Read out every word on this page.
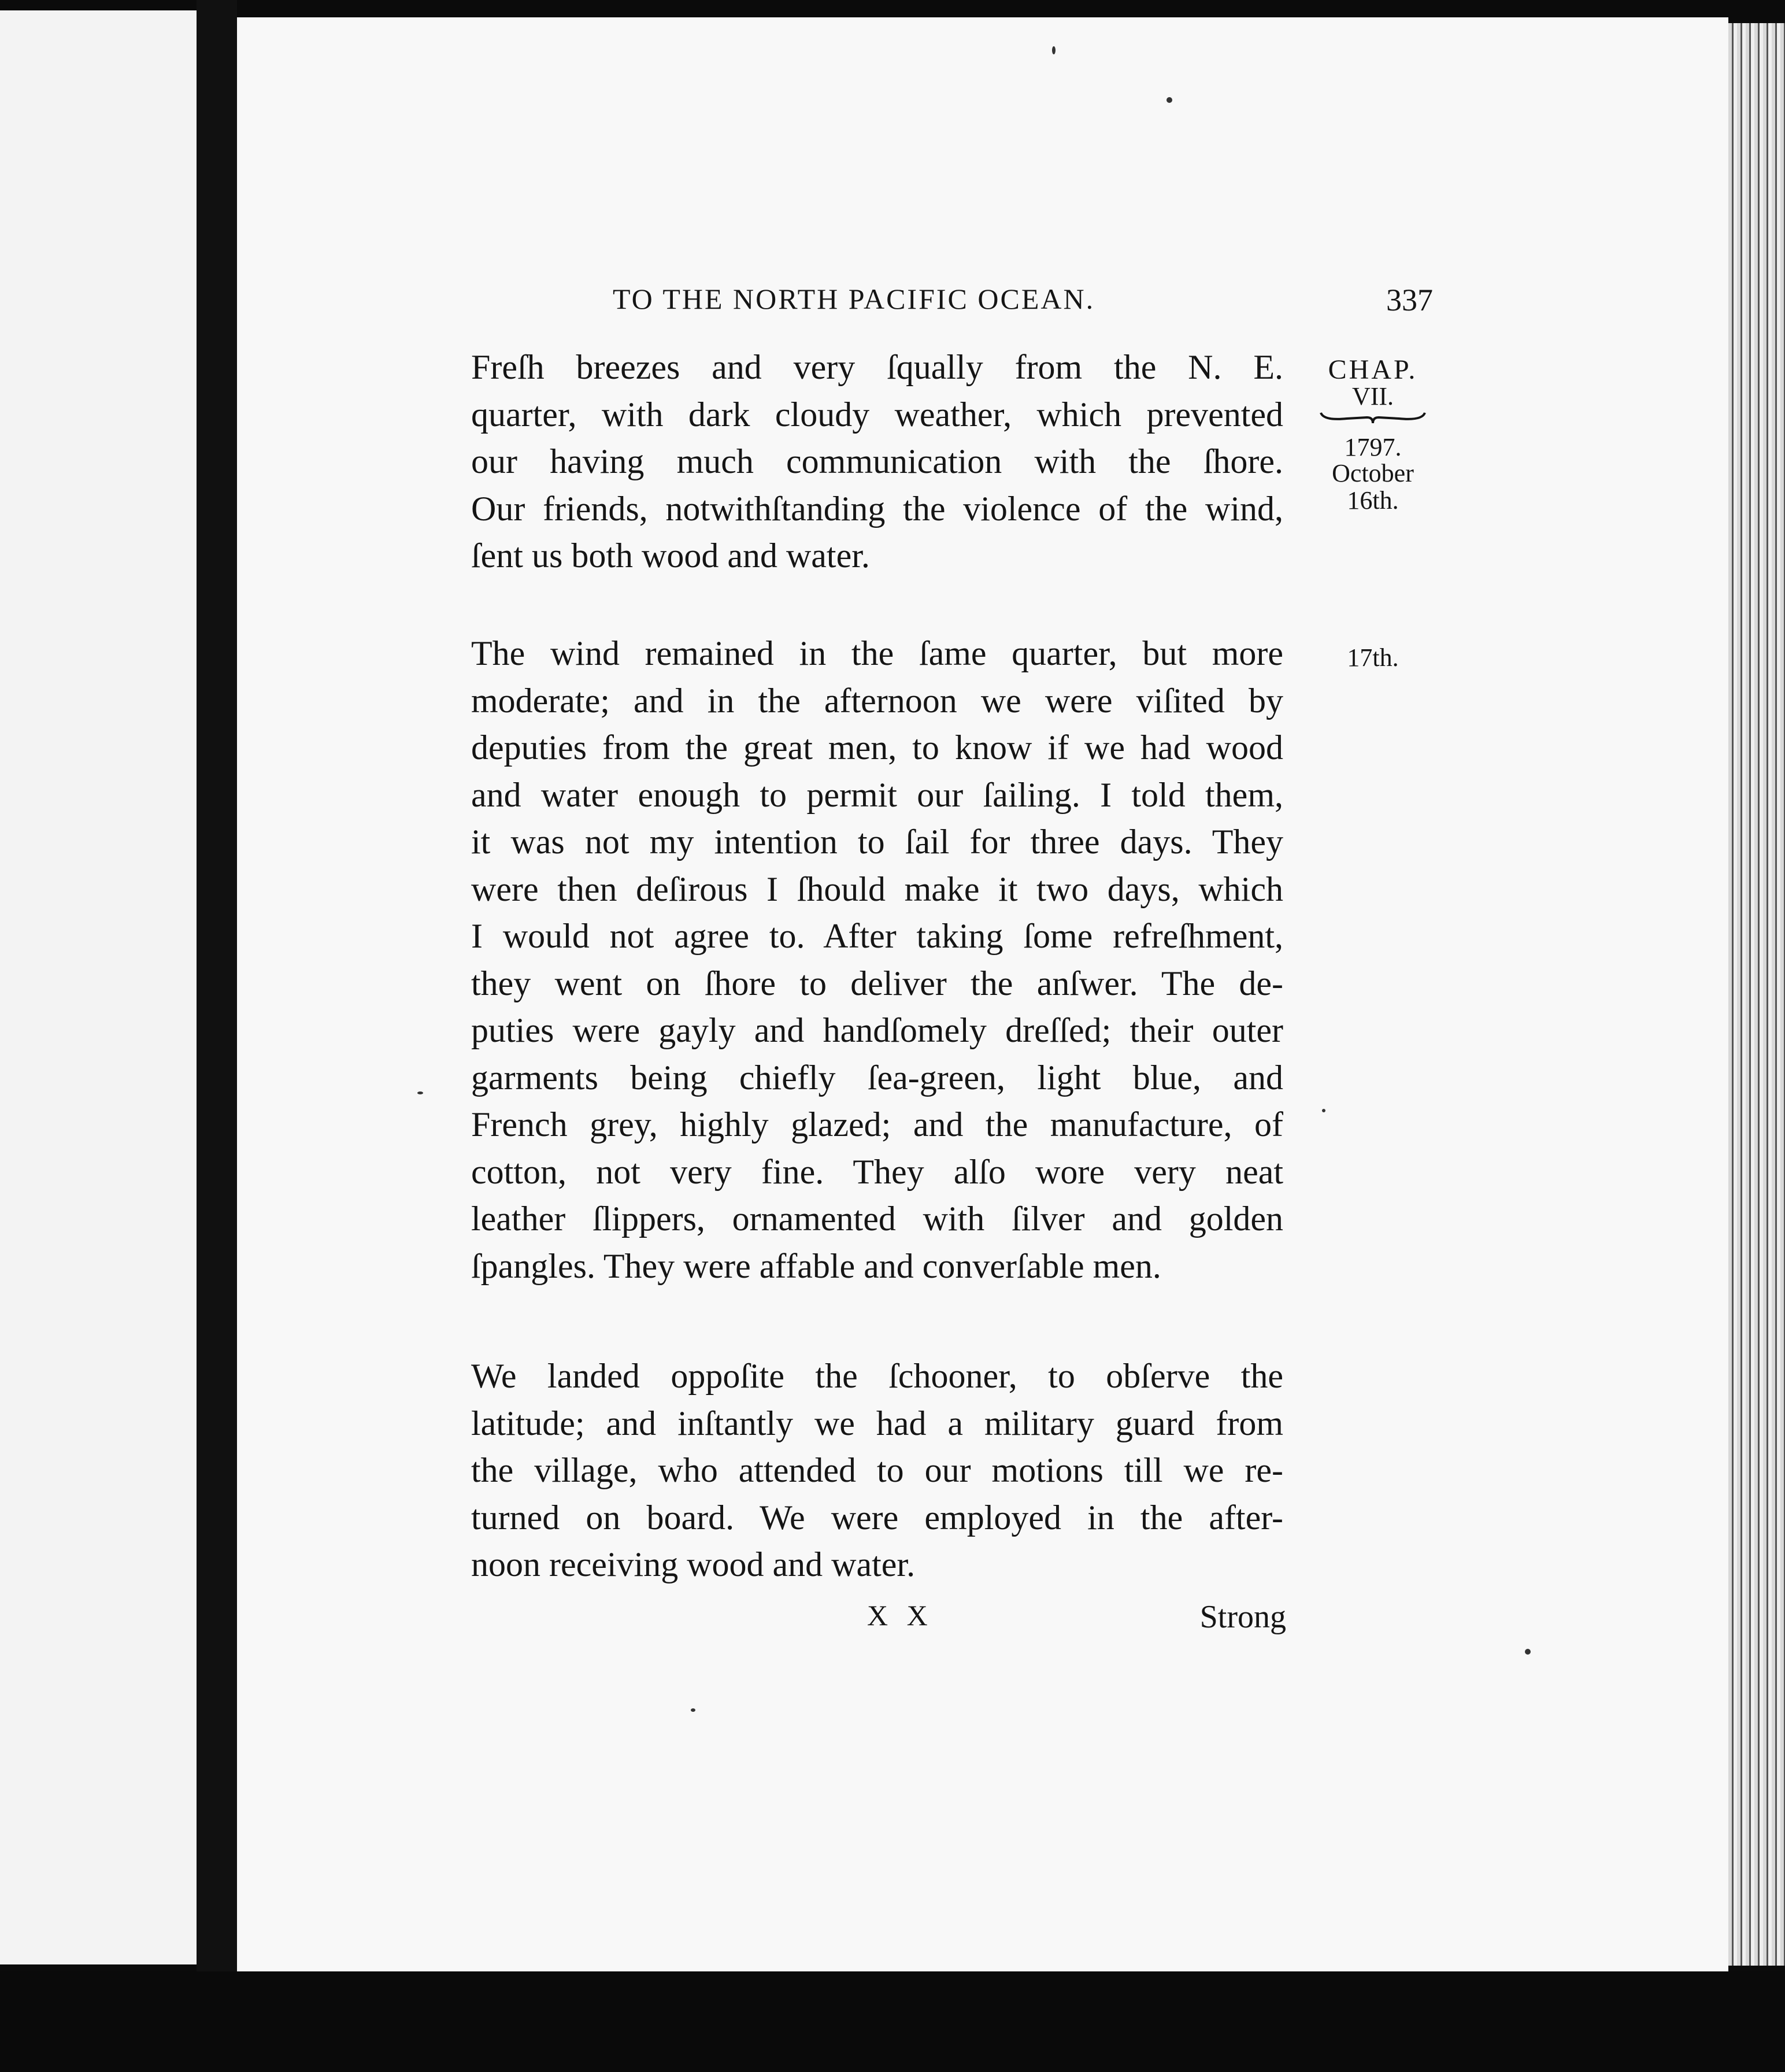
TO THE NORTH PACIFIC OCEAN.	337
Freſh breezes and very ſqually from the N. E.
quarter, with dark cloudy weather, which prevented
our having much communication with the ſhore.
Our friends, notwithſtanding the violence of the wind,
ſent us both wood and water.
The wind remained in the ſame quarter, but more
moderate; and in the afternoon we were viſited by
deputies from the great men, to know if we had wood
and water enough to permit our ſailing. I told them,
it was not my intention to ſail for three days. They
were then deſirous I ſhould make it two days, which
I would not agree to. After taking ſome refreſhment,
they went on ſhore to deliver the anſwer. The de-
puties were gayly and handſomely dreſſed; their outer
garments being chiefly ſea-green, light blue, and
French grey, highly glazed; and the manufacture, of
cotton, not very fine. They alſo wore very neat
leather ſlippers, ornamented with ſilver and golden
ſpangles. They were affable and converſable men.
We landed oppoſite the ſchooner, to obſerve the
latitude; and inſtantly we had a military guard from
the village, who attended to our motions till we re-
turned on board. We were employed in the after-
noon receiving wood and water.
CHAP.
VII.
1797.
October
16th.
17th.
X X	Strong
